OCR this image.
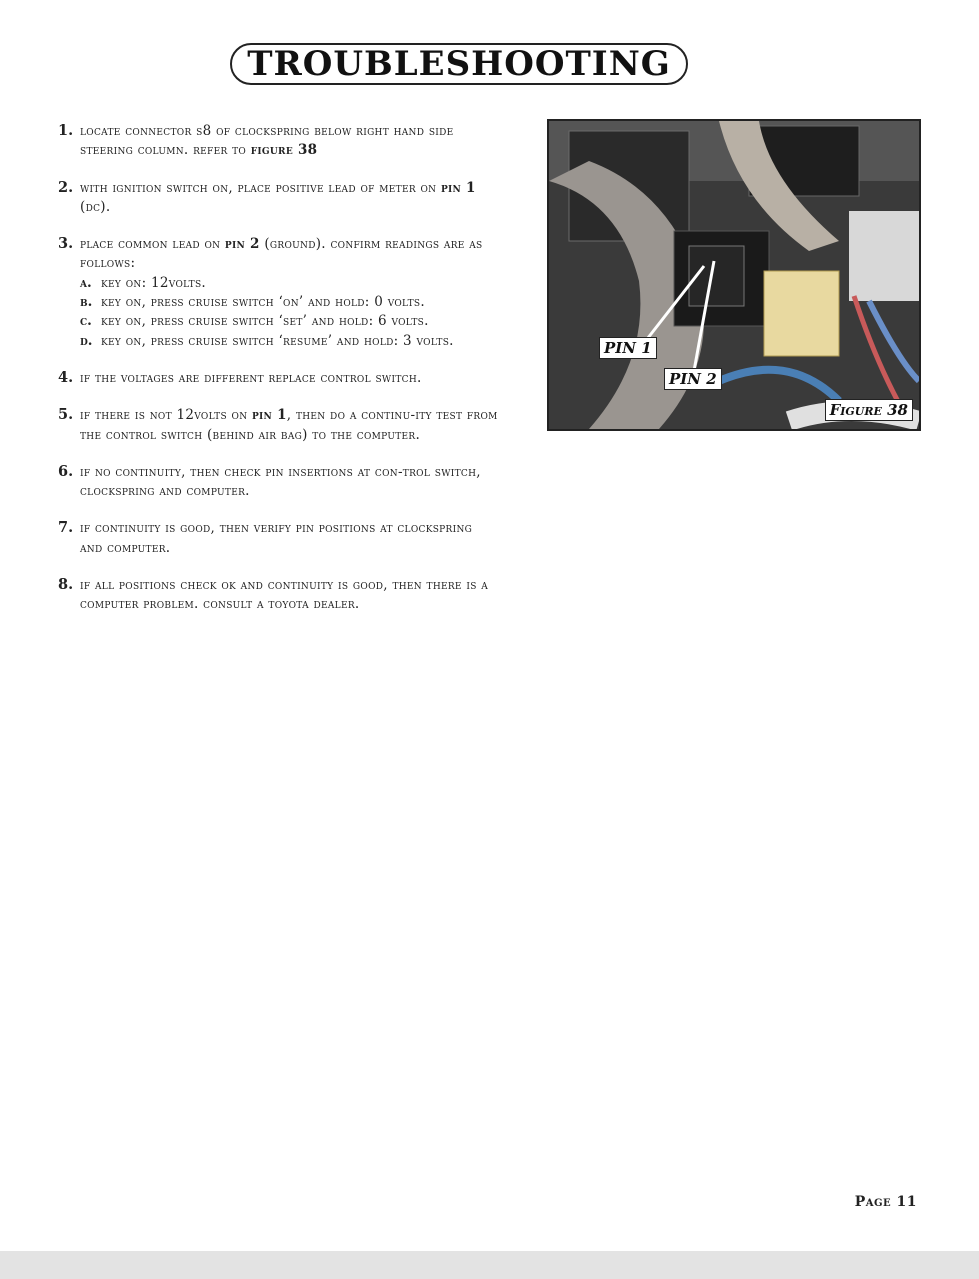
TROUBLESHOOTING
1. locate connector s8 of clockspring below right hand side steering column. refer to figure 38
2. with ignition switch on, place positive lead of meter on pin 1 (dc).
3. place common lead on pin 2 (ground). confirm readings are as follows:
a. key on: 12volts.
b. key on, press cruise switch ‘on’ and hold: 0 volts.
c. key on, press cruise switch ‘set’ and hold: 6 volts.
d. key on, press cruise switch ‘resume’ and hold: 3 volts.
4. if the voltages are different replace control switch.
5. if there is not 12volts on pin 1, then do a continu-ity test from the control switch (behind air bag) to the computer.
6. if no continuity, then check pin insertions at con-trol switch, clockspring and computer.
7. if continuity is good, then verify pin positions at clockspring and computer.
8. if all positions check ok and continuity is good, then there is a computer problem. consult a toyota dealer.
PIN 1
PIN 2
Figure 38
Page 11
